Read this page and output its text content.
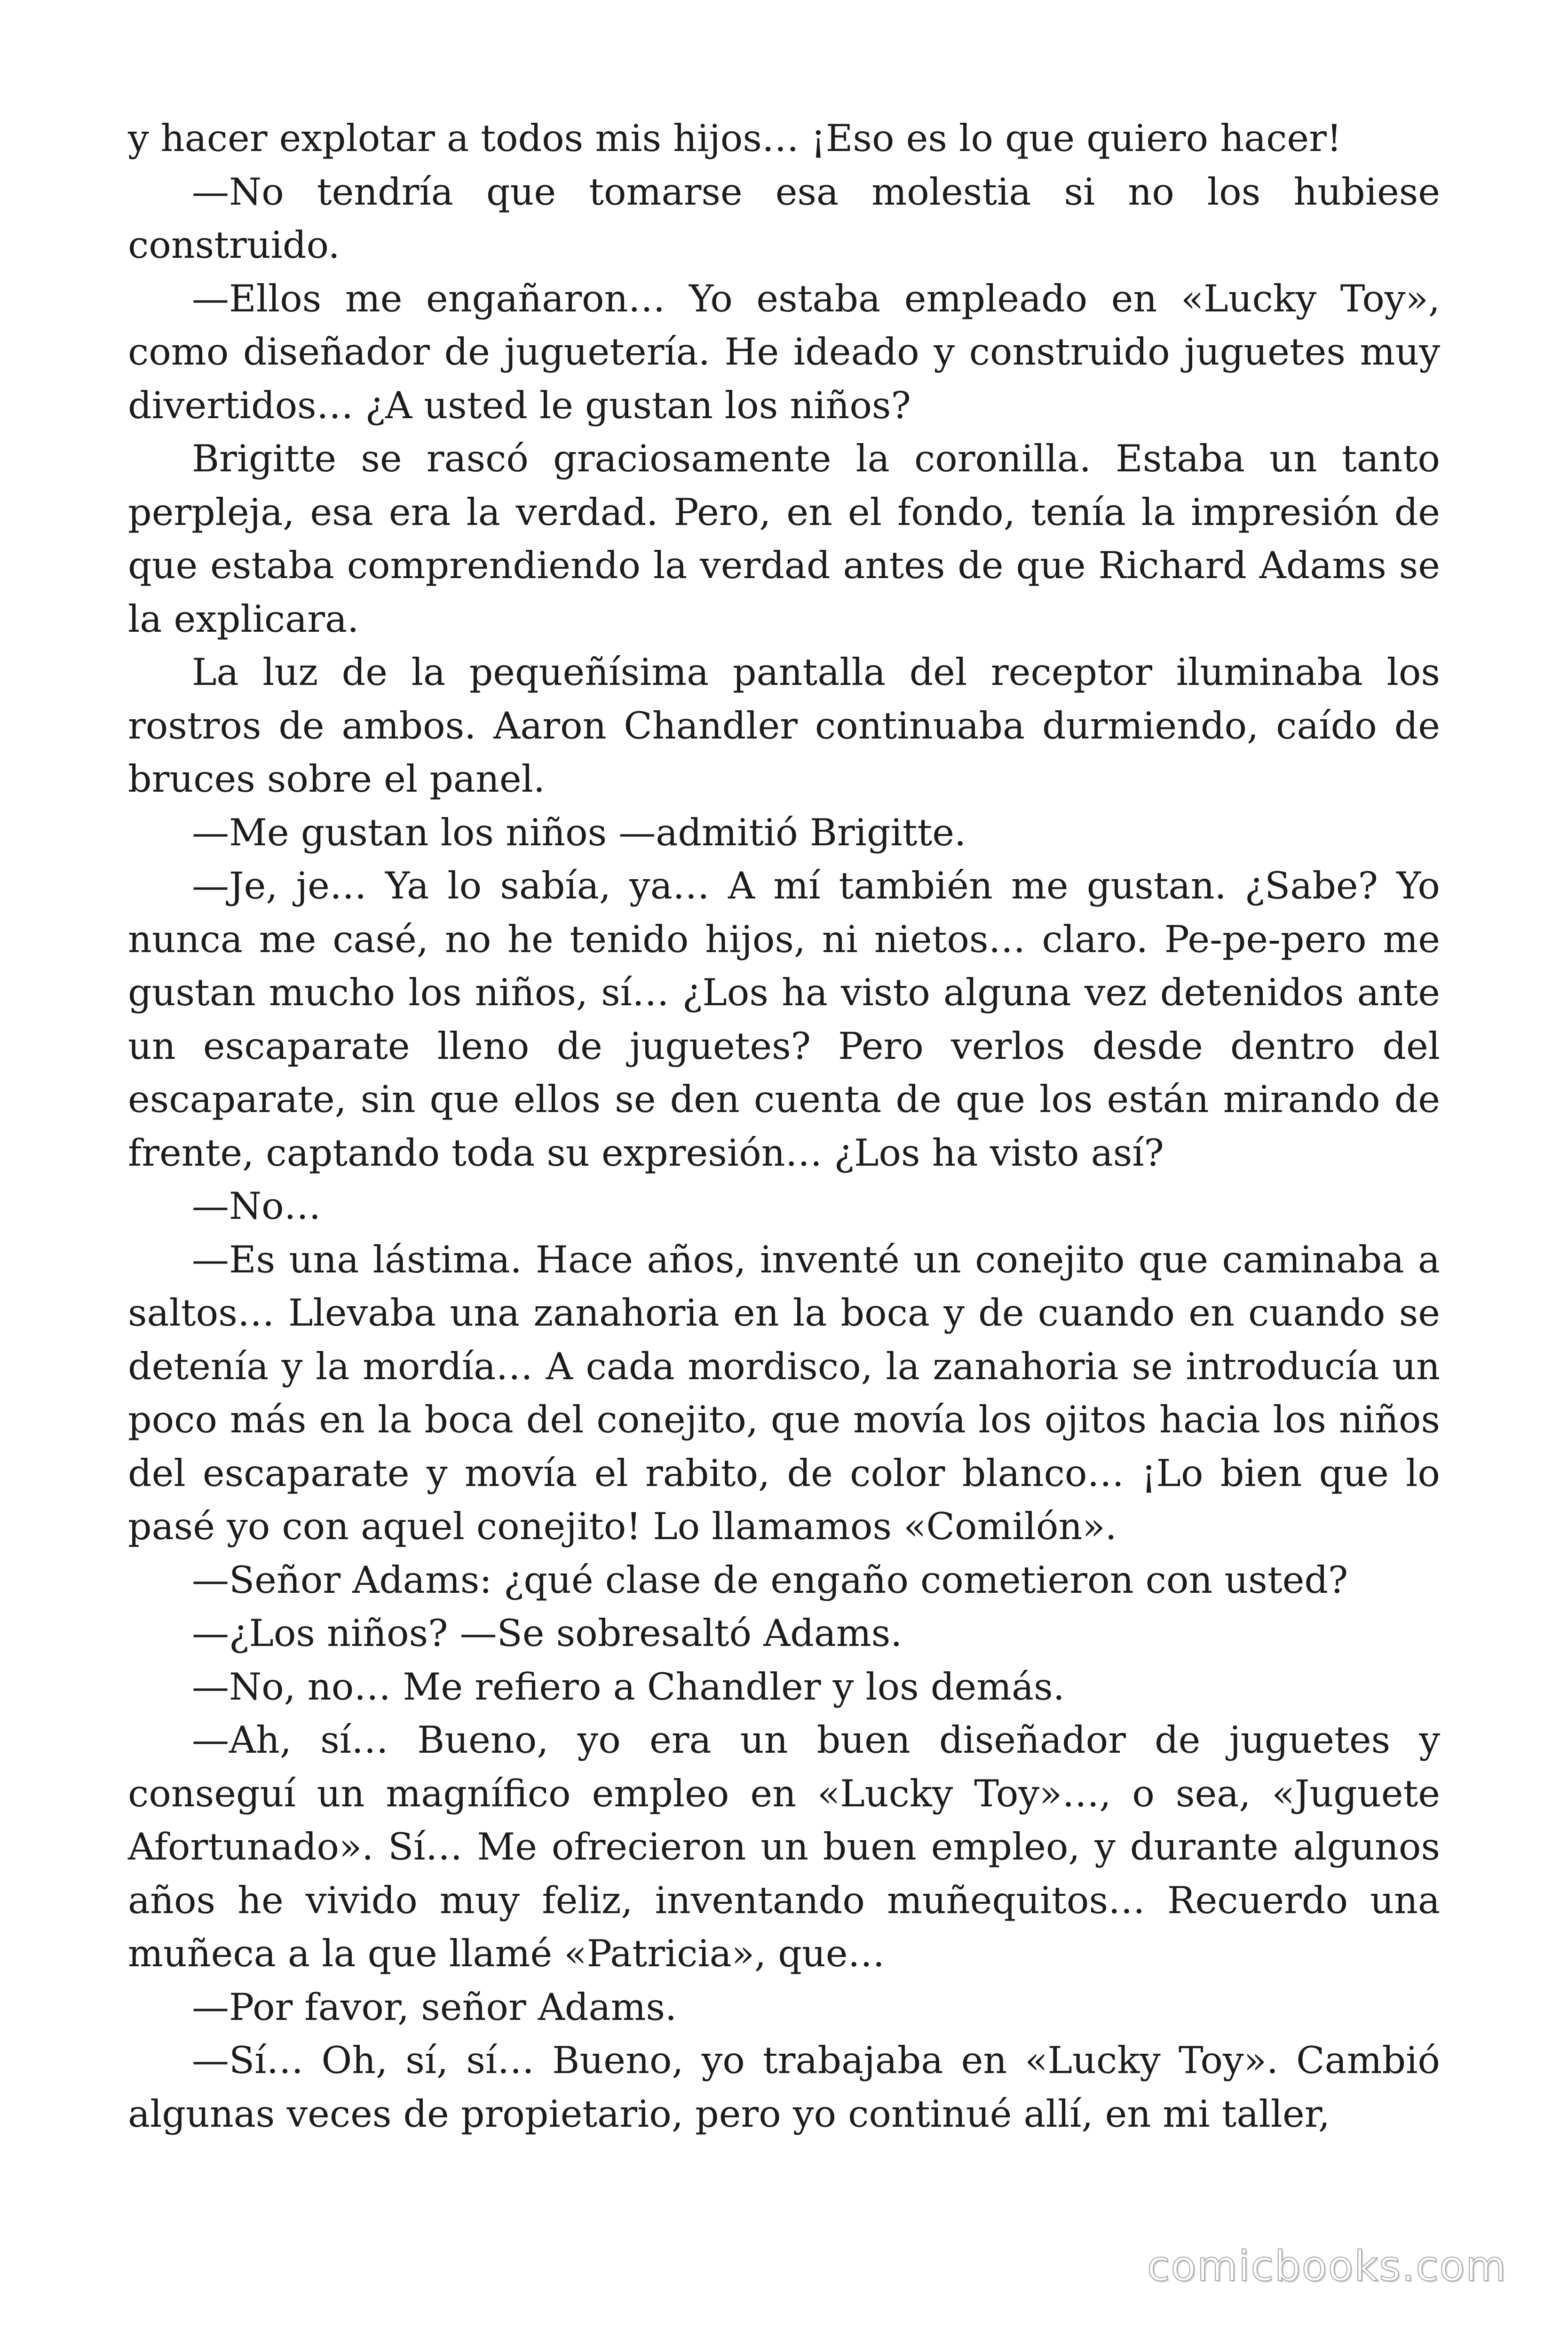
y hacer explotar a todos mis hijos… ¡Eso es lo que quiero hacer!

—No tendría que tomarse esa molestia si no los hubiese construido.

—Ellos me engañaron… Yo estaba empleado en «Lucky Toy», como diseñador de juguetería. He ideado y construido juguetes muy divertidos… ¿A usted le gustan los niños?

Brigitte se rascó graciosamente la coronilla. Estaba un tanto perpleja, esa era la verdad. Pero, en el fondo, tenía la impresión de que estaba comprendiendo la verdad antes de que Richard Adams se la explicara.

La luz de la pequeñísima pantalla del receptor iluminaba los rostros de ambos. Aaron Chandler continuaba durmiendo, caído de bruces sobre el panel.

—Me gustan los niños —admitió Brigitte.

—Je, je… Ya lo sabía, ya… A mí también me gustan. ¿Sabe? Yo nunca me casé, no he tenido hijos, ni nietos… claro. Pe-pe-pero me gustan mucho los niños, sí… ¿Los ha visto alguna vez detenidos ante un escaparate lleno de juguetes? Pero verlos desde dentro del escaparate, sin que ellos se den cuenta de que los están mirando de frente, captando toda su expresión… ¿Los ha visto así?

—No…

—Es una lástima. Hace años, inventé un conejito que caminaba a saltos… Llevaba una zanahoria en la boca y de cuando en cuando se detenía y la mordía… A cada mordisco, la zanahoria se introducía un poco más en la boca del conejito, que movía los ojitos hacia los niños del escaparate y movía el rabito, de color blanco… ¡Lo bien que lo pasé yo con aquel conejito! Lo llamamos «Comilón».

—Señor Adams: ¿qué clase de engaño cometieron con usted?

—¿Los niños? —Se sobresaltó Adams.

—No, no… Me refiero a Chandler y los demás.

—Ah, sí… Bueno, yo era un buen diseñador de juguetes y conseguí un magnífico empleo en «Lucky Toy»…, o sea, «Juguete Afortunado». Sí… Me ofrecieron un buen empleo, y durante algunos años he vivido muy feliz, inventando muñequitos… Recuerdo una muñeca a la que llamé «Patricia», que…

—Por favor, señor Adams.

—Sí… Oh, sí, sí… Bueno, yo trabajaba en «Lucky Toy». Cambió algunas veces de propietario, pero yo continué allí, en mi taller,

comicbooks.com
